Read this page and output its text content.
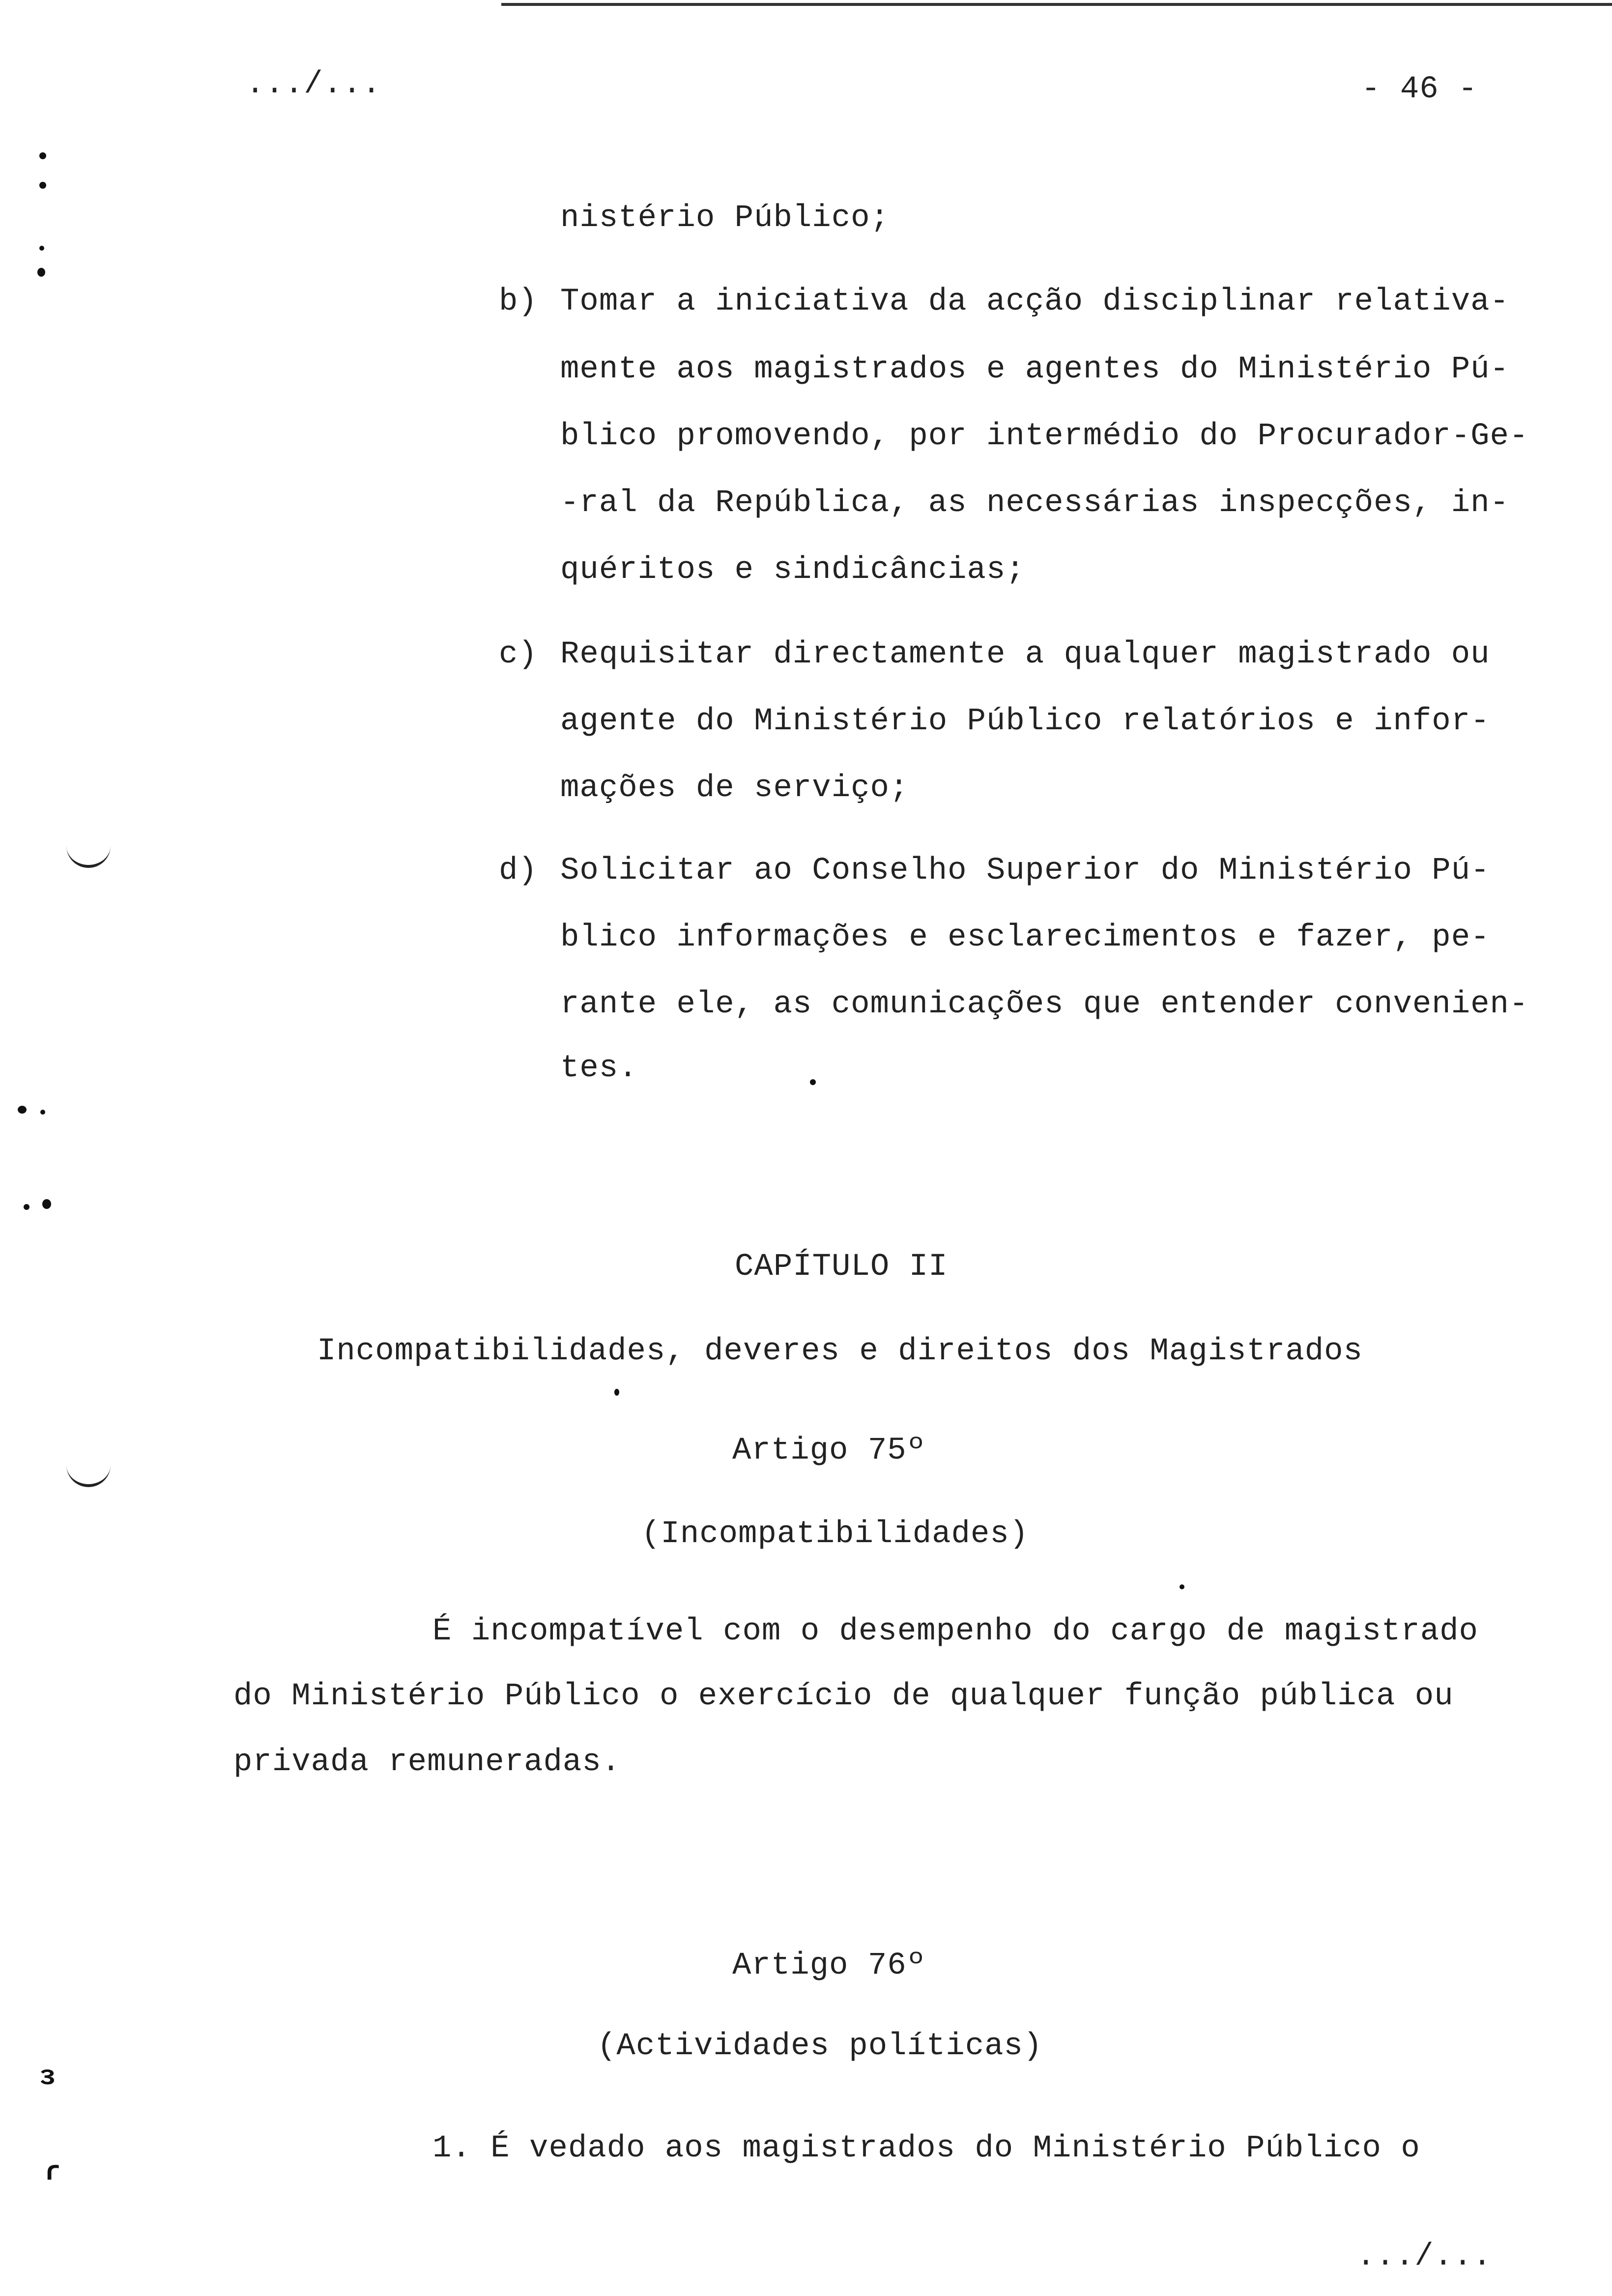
.../...	- 46 -
nistério Público;
b) Tomar a iniciativa da acção disciplinar relativa-
mente aos magistrados e agentes do Ministério Pú-
blico promovendo, por intermédio do Procurador-Ge-
-ral da República, as necessárias inspecções, in-
quéritos e sindicâncias;
c) Requisitar directamente a qualquer magistrado ou
agente do Ministério Público relatórios e infor-
mações de serviço;
d) Solicitar ao Conselho Superior do Ministério Pú-
blico informações e esclarecimentos e fazer, pe-
rante ele, as comunicações que entender convenien-
tes.
CAPÍTULO II
Incompatibilidades, deveres e direitos dos Magistrados
Artigo 75º
(Incompatibilidades)
É incompatível com o desempenho do cargo de magistrado
do Ministério Público o exercício de qualquer função pública ou
privada remuneradas.
Artigo 76º
(Actividades políticas)
1. É vedado aos magistrados do Ministério Público o
.../...
ɜ
ɾ
